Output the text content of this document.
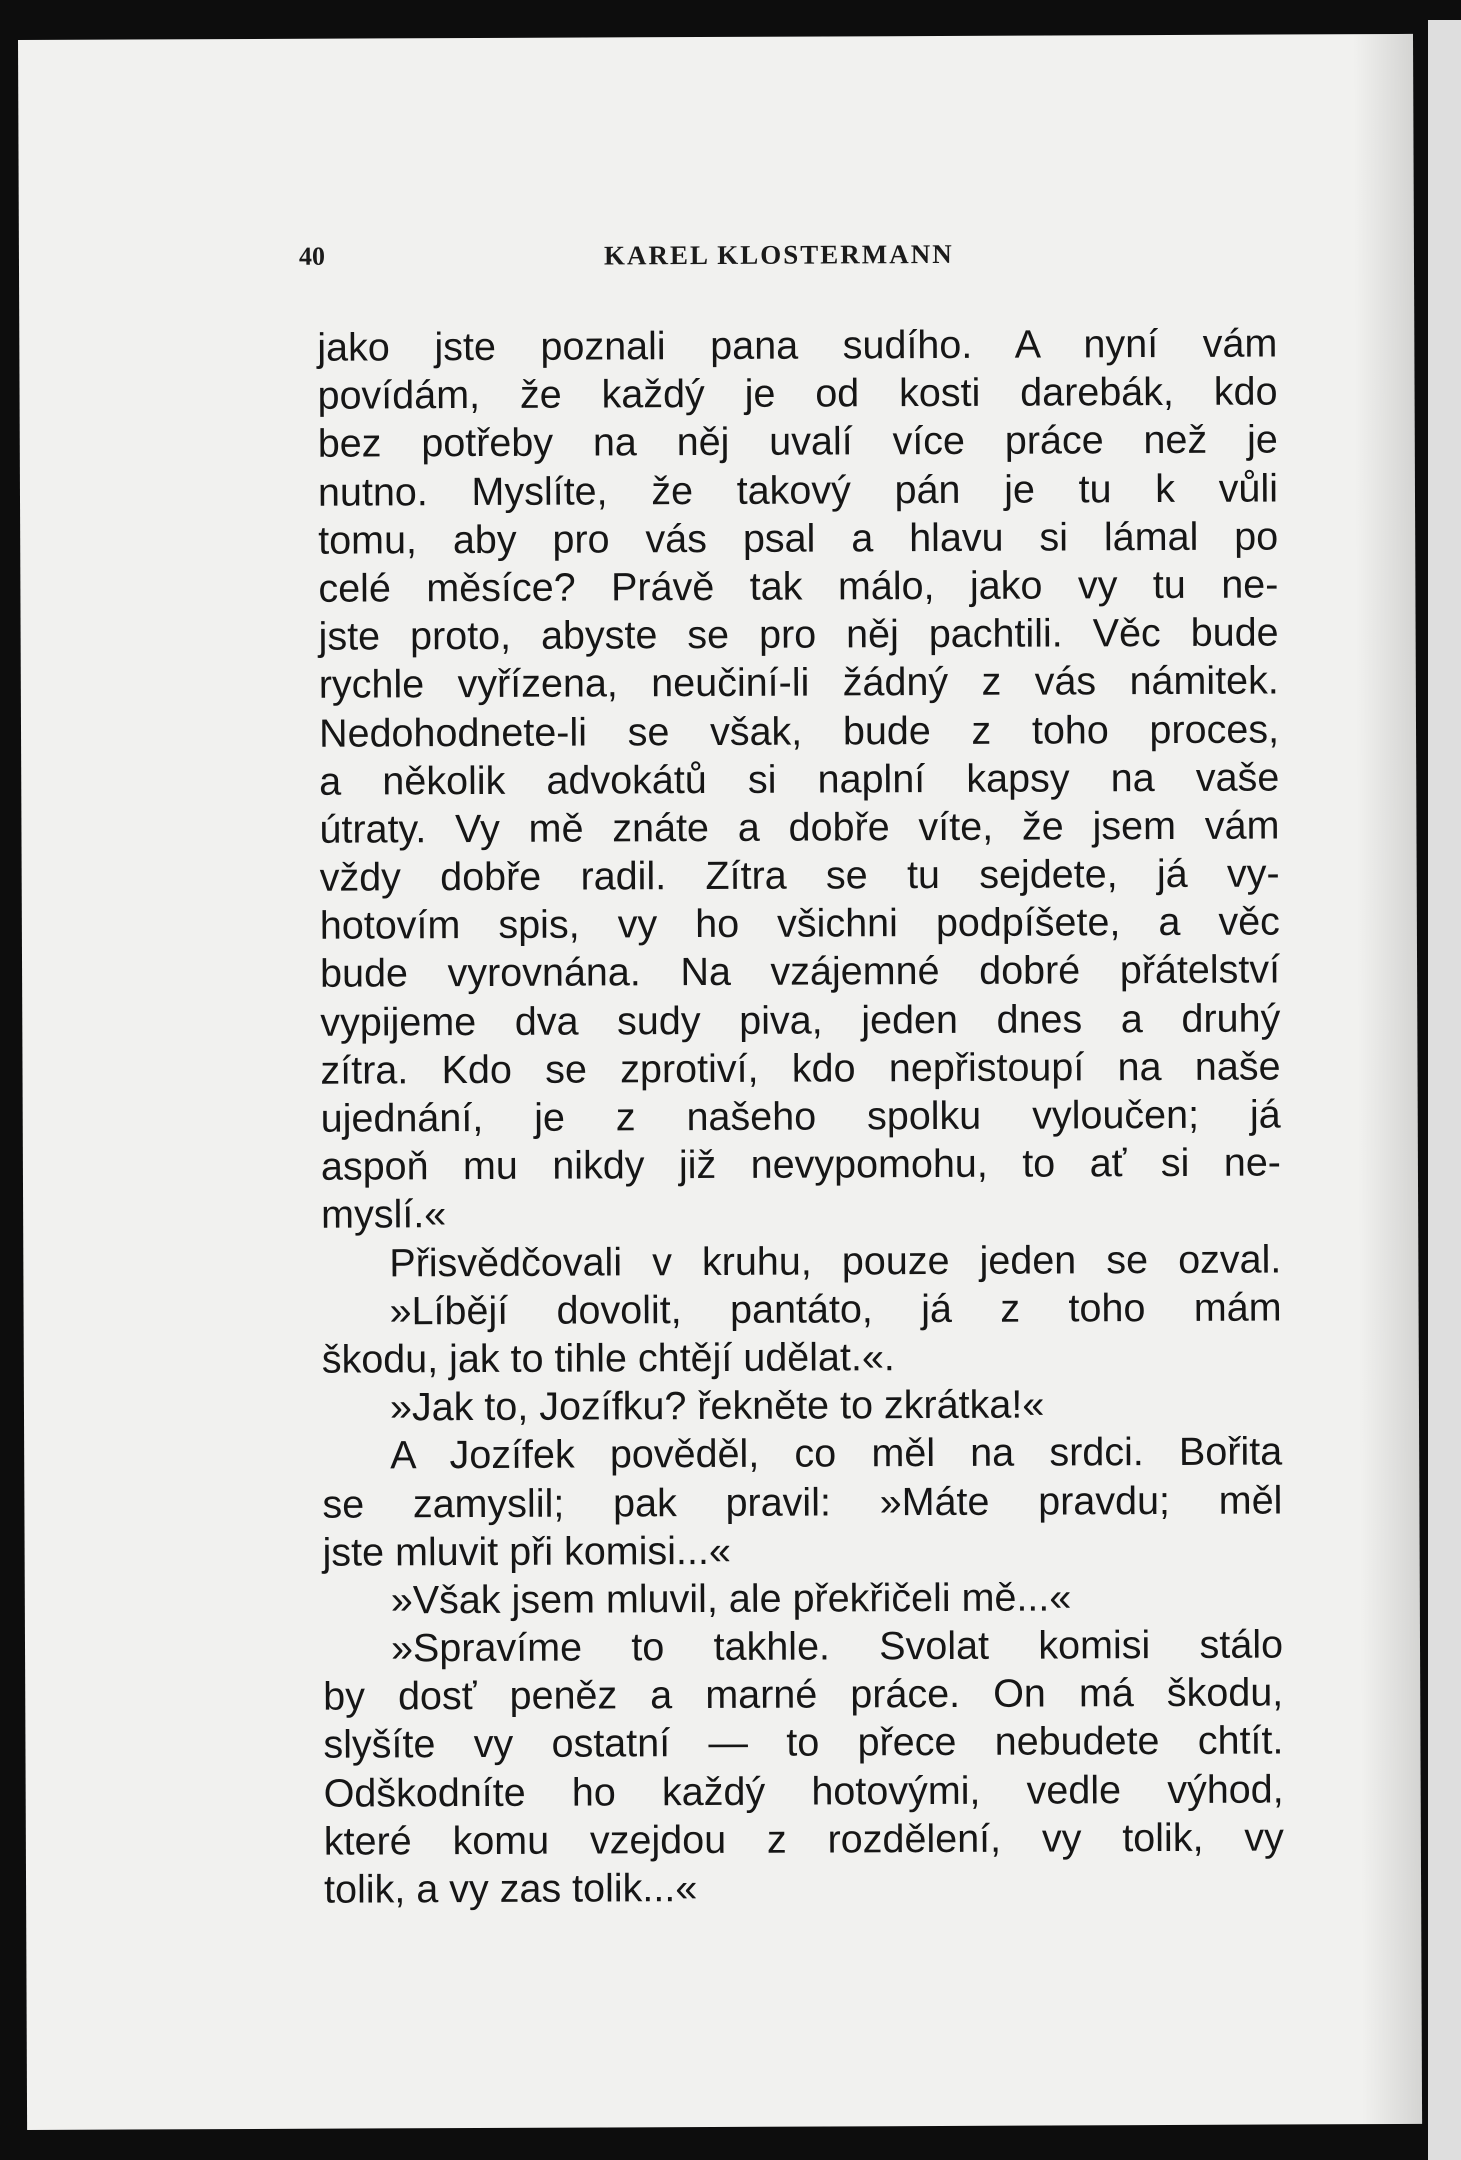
40	KAREL KLOSTERMANN
jako jste poznali pana sudího. A nyní vám
povídám, že každý je od kosti darebák, kdo
bez potřeby na něj uvalí více práce než je
nutno. Myslíte, že takový pán je tu k vůli
tomu, aby pro vás psal a hlavu si lámal po
celé měsíce? Právě tak málo, jako vy tu ne-
jste proto, abyste se pro něj pachtili. Věc bude
rychle vyřízena, neučiní-li žádný z vás námitek.
Nedohodnete-li se však, bude z toho proces,
a několik advokátů si naplní kapsy na vaše
útraty. Vy mě znáte a dobře víte, že jsem vám
vždy dobře radil. Zítra se tu sejdete, já vy-
hotovím spis, vy ho všichni podpíšete, a věc
bude vyrovnána. Na vzájemné dobré přátelství
vypijeme dva sudy piva, jeden dnes a druhý
zítra. Kdo se zprotiví, kdo nepřistoupí na naše
ujednání, je z našeho spolku vyloučen; já
aspoň mu nikdy již nevypomohu, to ať si ne-
myslí.«
Přisvědčovali v kruhu, pouze jeden se ozval.
»Líbějí dovolit, pantáto, já z toho mám
škodu, jak to tihle chtějí udělat.«.
»Jak to, Jozífku? řekněte to zkrátka!«
A Jozífek pověděl, co měl na srdci. Bořita
se zamyslil; pak pravil: »Máte pravdu; měl
jste mluvit při komisi...«
»Však jsem mluvil, ale překřičeli mě...«
»Spravíme to takhle. Svolat komisi stálo
by dosť peněz a marné práce. On má škodu,
slyšíte vy ostatní — to přece nebudete chtít.
Odškodníte ho každý hotovými, vedle výhod,
které komu vzejdou z rozdělení, vy tolik, vy
tolik, a vy zas tolik...«
